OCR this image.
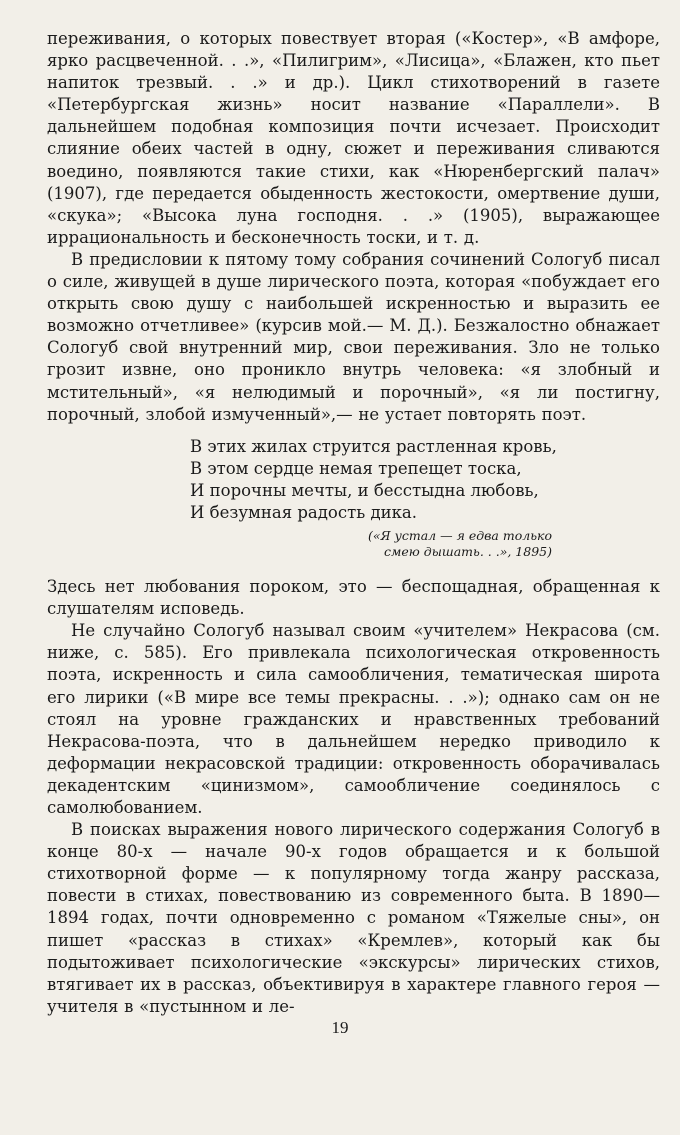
переживания, о которых повествует вторая («Костер», «В амфоре, ярко расцвеченной. . .», «Пилигрим», «Лисица», «Блажен, кто пьет напиток трезвый. . .» и др.). Цикл стихотворений в газете «Петербургская жизнь» носит название «Параллели». В дальнейшем подобная композиция почти исчезает. Происходит слияние обеих частей в одну, сюжет и переживания сливаются воедино, появляются такие стихи, как «Нюренбергский палач» (1907), где передается обыденность жестокости, омертвение души, «скука»; «Высока луна господня. . .» (1905), выражающее иррациональность и бесконечность тоски, и т. д.

В предисловии к пятому тому собрания сочинений Сологуб писал о силе, живущей в душе лирического поэта, которая «побуждает его открыть свою душу с наибольшей искренностью и выразить ее возможно отчетливее» (курсив мой.— М. Д.). Безжалостно обнажает Сологуб свой внутренний мир, свои переживания. Зло не только грозит извне, оно проникло внутрь человека: «я злобный и мстительный», «я нелюдимый и порочный», «я ли постигну, порочный, злобой измученный»,— не устает повторять поэт.

В этих жилах струится растленная кровь,
В этом сердце немая трепещет тоска,
И порочны мечты, и бесстыдна любовь,
И безумная радость дика.
(«Я устал — я едва только
смею дышать. . .», 1895)

Здесь нет любования пороком, это — беспощадная, обращенная к слушателям исповедь.

Не случайно Сологуб называл своим «учителем» Некрасова (см. ниже, с. 585). Его привлекала психологическая откровенность поэта, искренность и сила самообличения, тематическая широта его лирики («В мире все темы прекрасны. . .»); однако сам он не стоял на уровне гражданских и нравственных требований Некрасова-поэта, что в дальнейшем нередко приводило к деформации некрасовской традиции: откровенность оборачивалась декадентским «цинизмом», самообличение соединялось с самолюбованием.

В поисках выражения нового лирического содержания Сологуб в конце 80-х — начале 90-х годов обращается и к большой стихотворной форме — к популярному тогда жанру рассказа, повести в стихах, повествованию из современного быта. В 1890—1894 годах, почти одновременно с романом «Тяжелые сны», он пишет «рассказ в стихах» «Кремлев», который как бы подытоживает психологические «экскурсы» лирических стихов, втягивает их в рассказ, объективируя в характере главного героя — учителя в «пустынном и ле-

19
